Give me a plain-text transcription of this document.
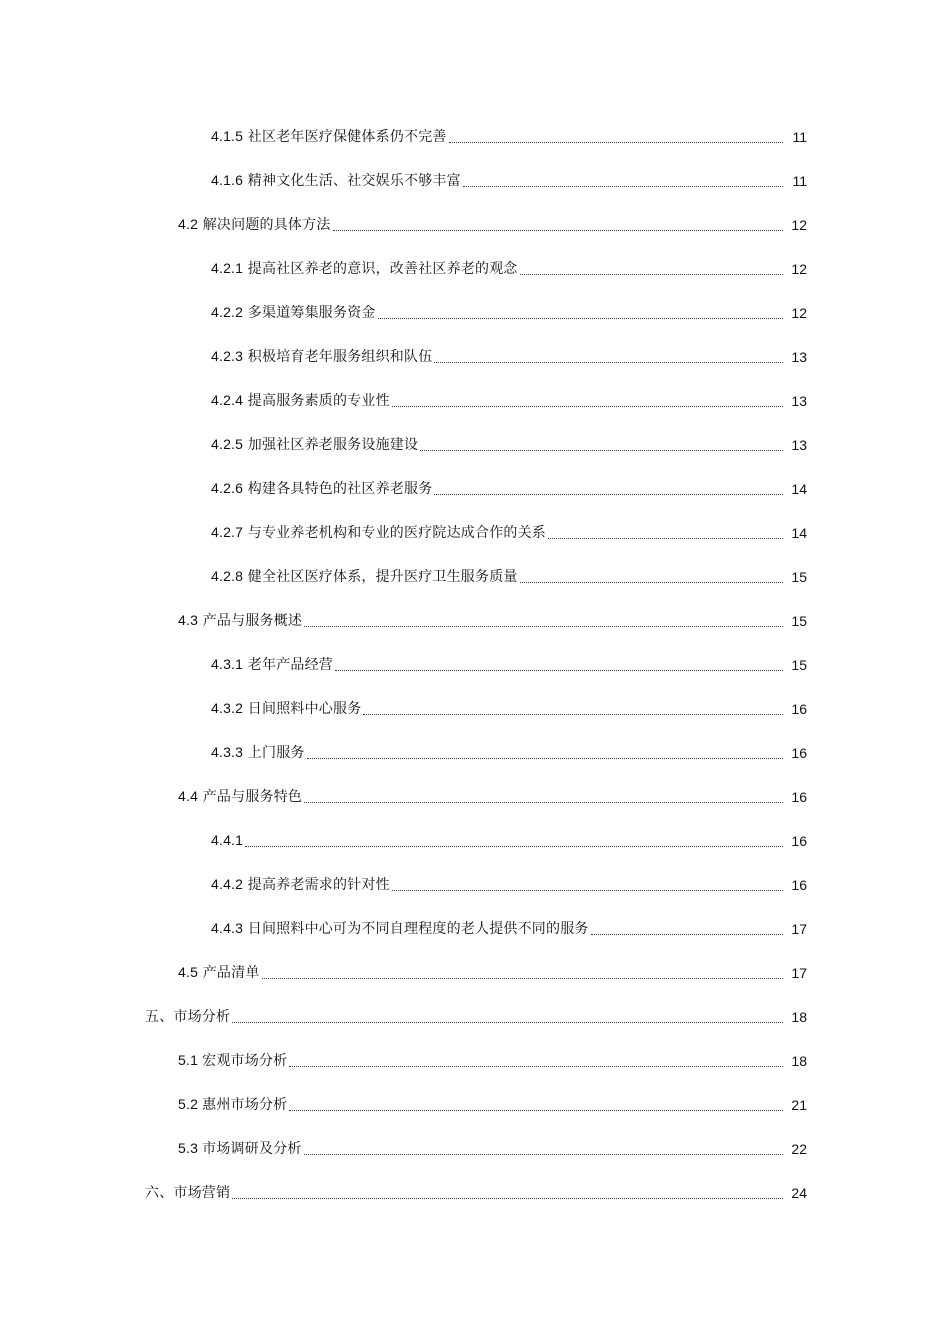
4.1.5 社区老年医疗保健体系仍不完善	11
4.1.6 精神文化生活、社交娱乐不够丰富	11
4.2 解决问题的具体方法	12
4.2.1 提高社区养老的意识，改善社区养老的观念	12
4.2.2 多渠道筹集服务资金	12
4.2.3 积极培育老年服务组织和队伍	13
4.2.4 提高服务素质的专业性	13
4.2.5 加强社区养老服务设施建设	13
4.2.6 构建各具特色的社区养老服务	14
4.2.7 与专业养老机构和专业的医疗院达成合作的关系	14
4.2.8 健全社区医疗体系，提升医疗卫生服务质量	15
4.3 产品与服务概述	15
4.3.1 老年产品经营	15
4.3.2 日间照料中心服务	16
4.3.3 上门服务	16
4.4 产品与服务特色	16
4.4.1	16
4.4.2 提高养老需求的针对性	16
4.4.3 日间照料中心可为不同自理程度的老人提供不同的服务	17
4.5 产品清单	17
五、市场分析	18
5.1 宏观市场分析	18
5.2 惠州市场分析	21
5.3 市场调研及分析	22
六、市场营销	24
